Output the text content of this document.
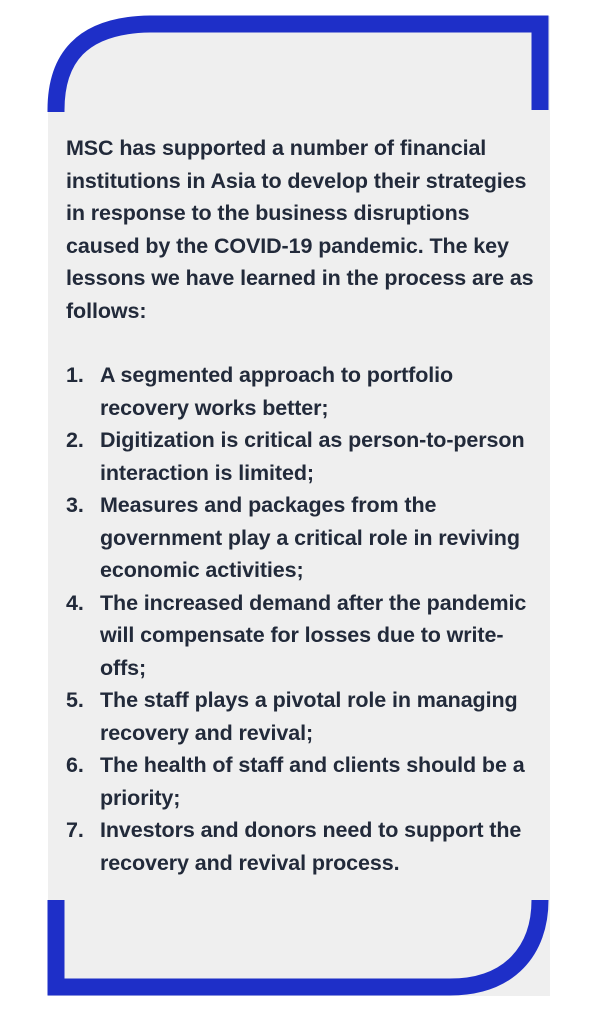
MSC has supported a number of financial institutions in Asia to develop their strategies in response to the business disruptions caused by the COVID-19 pandemic. The key lessons we have learned in the process are as follows:

1. A segmented approach to portfolio recovery works better;
2. Digitization is critical as person-to-person interaction is limited;
3. Measures and packages from the government play a critical role in reviving economic activities;
4. The increased demand after the pandemic will compensate for losses due to write-offs;
5. The staff plays a pivotal role in managing recovery and revival;
6. The health of staff and clients should be a priority;
7. Investors and donors need to support the recovery and revival process.
